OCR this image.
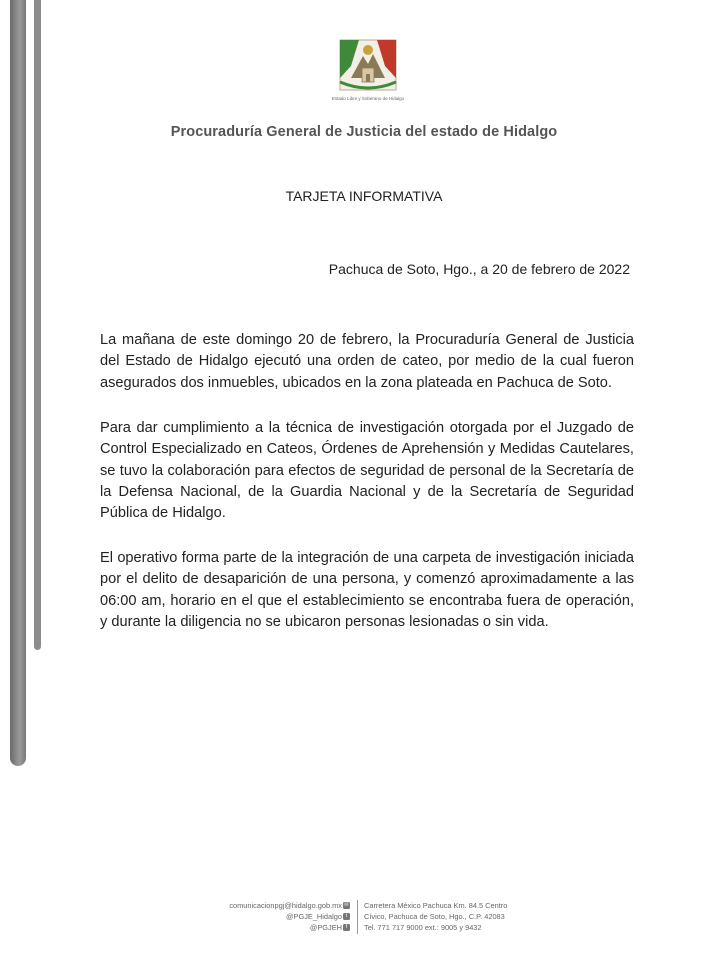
Estado Libre y Soberano de Hidalgo
Procuraduría General de Justicia del estado de Hidalgo
TARJETA INFORMATIVA
Pachuca de Soto, Hgo., a 20 de febrero de 2022

La mañana de este domingo 20 de febrero, la Procuraduría General de Justicia del Estado de Hidalgo ejecutó una orden de cateo, por medio de la cual fueron asegurados dos inmuebles, ubicados en la zona plateada en Pachuca de Soto.

Para dar cumplimiento a la técnica de investigación otorgada por el Juzgado de Control Especializado en Cateos, Órdenes de Aprehensión y Medidas Cautelares, se tuvo la colaboración para efectos de seguridad de personal de la Secretaría de la Defensa Nacional, de la Guardia Nacional y de la Secretaría de Seguridad Pública de Hidalgo.

El operativo forma parte de la integración de una carpeta de investigación iniciada por el delito de desaparición de una persona, y comenzó aproximadamente a las 06:00 am, horario en el que el establecimiento se encontraba fuera de operación, y durante la diligencia no se ubicaron personas lesionadas o sin vida.

comunicacionpgj@hidalgo.gob.mx
@PGJE_Hidalgo
@PGJEH
✉
t
f
Carretera México Pachuca Km. 84.5 Centro
Cívico, Pachuca de Soto, Hgo., C.P. 42083
Tel. 771 717 9000 ext.: 9005 y 9432
